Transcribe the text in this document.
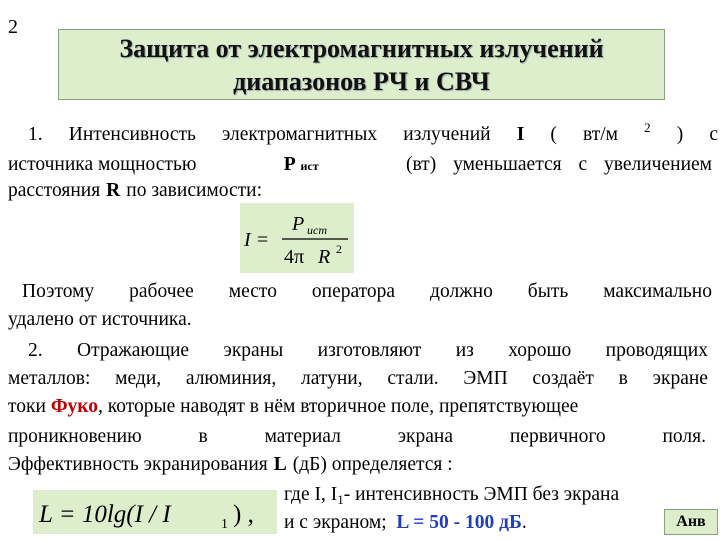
2
Защита от электромагнитных излучений
диапазонов РЧ и СВЧ
1. Интенсивность электромагнитных излучений I ( вт/м 2 ) с
источника мощностью	P ист	(вт) уменьшается с увеличением
расстояния R по зависимости:
I =
P ист
4π R 2
Поэтому рабочее место оператора должно быть максимально
удалено от источника.
2. Отражающие экраны изготовляют из хорошо проводящих
металлов: меди, алюминия, латуни, стали. ЭМП создаёт в экране
токи
Фуко , которые наводят в нём вторичное поле, препятствующее
проникновению	в	материал	экрана	первичного	поля.
Эффективность экранирования L (дБ) определяется :
L = 10lg(I / I	1 ) ,
где I, I 1 - интенсивность ЭМП без экрана
и с экраном;
L = 50 - 100 дБ .	Анв
